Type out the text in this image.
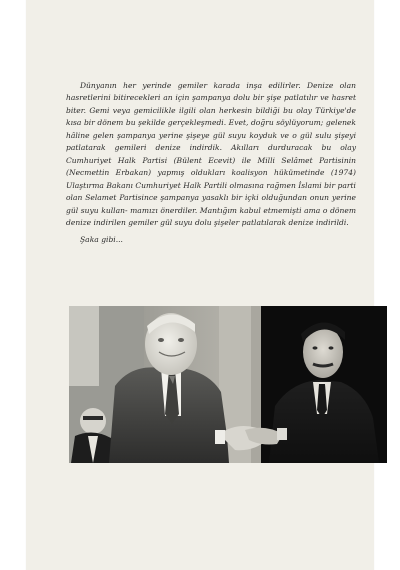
Dünyanın her yerinde gemiler karada inşa edilirler. Denize olan hasretlerini bitirecekleri an için şampanya dolu bir şişe patlatılır ve hasret biter. Gemi veya gemicilikle ilgili olan herkesin bildiği bu olay Türkiye'de kısa bir dönem bu şekilde gerçekleşmedi. Evet, doğru söylüyorum; gelenek hâline gelen şampanya yerine şişeye gül suyu koyduk ve o gül sulu şişeyi patlatarak gemileri denize indirdik. Akılları durduracak bu olay Cumhuriyet Halk Partisi (Bülent Ecevit) ile Milli Selâmet Partisinin (Necmettin Erbakan) yapmış oldukları koalisyon hükümetinde (1974) Ulaştırma Bakanı Cumhuriyet Halk Partili olmasına rağmen İslami bir parti olan Selamet Partisince şampanya yasaklı bir içki olduğundan onun yerine gül suyu kullan- mamızı önerdiler. Mantığım kabul etmemişti ama o dönem denize indirilen gemiler gül suyu dolu şişeler patlatılarak denize indirildi.

Şaka gibi...
